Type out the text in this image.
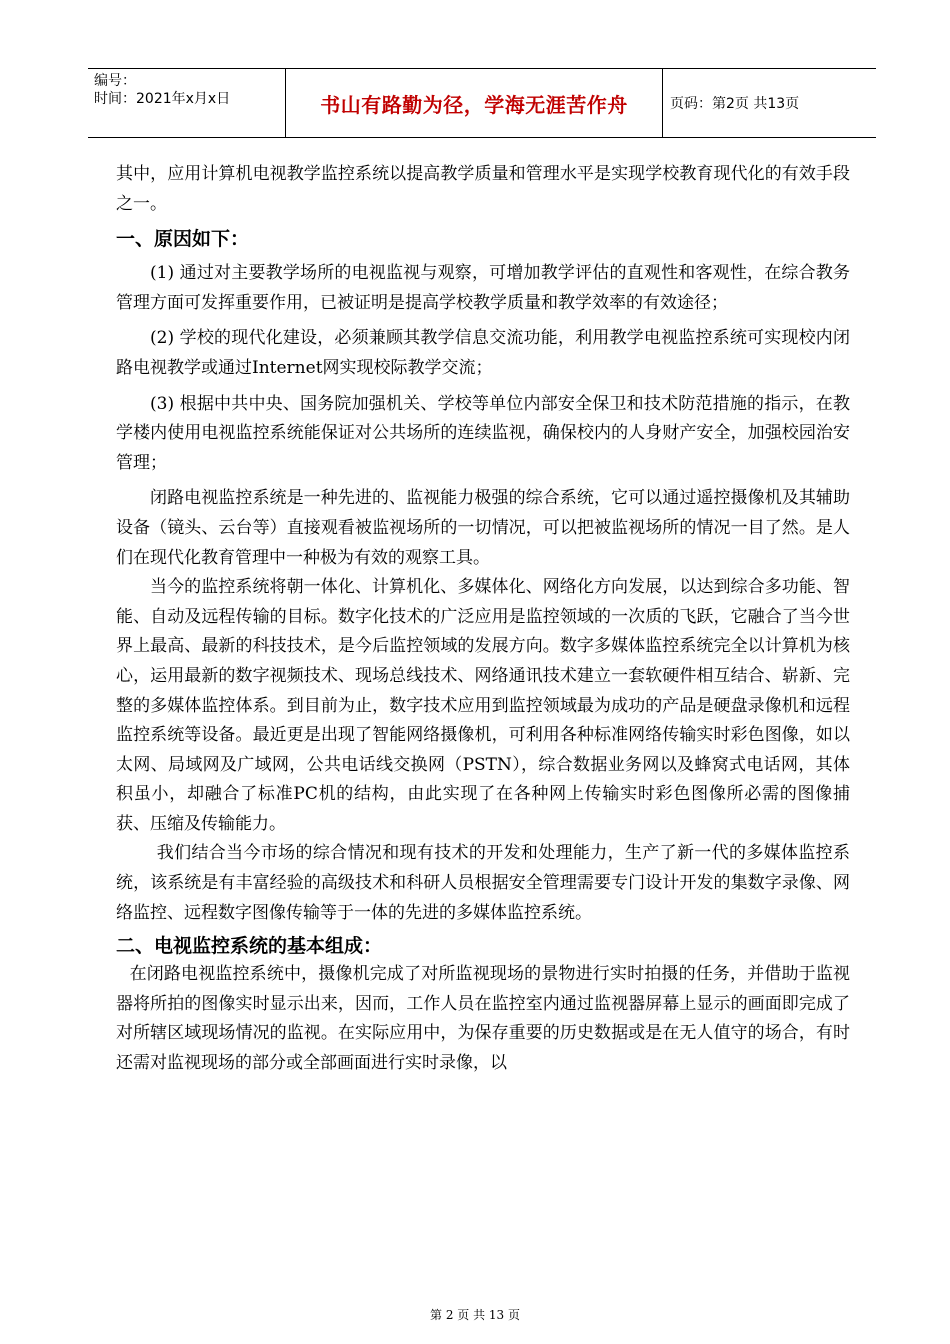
编号：
时间：2021年x月x日	书山有路勤为径，学海无涯苦作舟	页码：第2页 共13页

其中，应用计算机电视教学监控系统以提高教学质量和管理水平是实现学校教育现代化的有效手段之一。

一、原因如下：

(1) 通过对主要教学场所的电视监视与观察，可增加教学评估的直观性和客观性，在综合教务管理方面可发挥重要作用，已被证明是提高学校教学质量和教学效率的有效途径；

(2) 学校的现代化建设，必须兼顾其教学信息交流功能，利用教学电视监控系统可实现校内闭路电视教学或通过Internet网实现校际教学交流；

(3) 根据中共中央、国务院加强机关、学校等单位内部安全保卫和技术防范措施的指示，在教学楼内使用电视监控系统能保证对公共场所的连续监视，确保校内的人身财产安全，加强校园治安管理；

闭路电视监控系统是一种先进的、监视能力极强的综合系统，它可以通过遥控摄像机及其辅助设备（镜头、云台等）直接观看被监视场所的一切情况，可以把被监视场所的情况一目了然。是人们在现代化教育管理中一种极为有效的观察工具。

当今的监控系统将朝一体化、计算机化、多媒体化、网络化方向发展，以达到综合多功能、智能、自动及远程传输的目标。数字化技术的广泛应用是监控领域的一次质的飞跃，它融合了当今世界上最高、最新的科技技术，是今后监控领域的发展方向。数字多媒体监控系统完全以计算机为核心，运用最新的数字视频技术、现场总线技术、网络通讯技术建立一套软硬件相互结合、崭新、完整的多媒体监控体系。到目前为止，数字技术应用到监控领域最为成功的产品是硬盘录像机和远程监控系统等设备。最近更是出现了智能网络摄像机，可利用各种标准网络传输实时彩色图像，如以太网、局域网及广域网，公共电话线交换网（PSTN），综合数据业务网以及蜂窝式电话网，其体积虽小，却融合了标准PC机的结构，由此实现了在各种网上传输实时彩色图像所必需的图像捕获、压缩及传输能力。

我们结合当今市场的综合情况和现有技术的开发和处理能力，生产了新一代的多媒体监控系统，该系统是有丰富经验的高级技术和科研人员根据安全管理需要专门设计开发的集数字录像、网络监控、远程数字图像传输等于一体的先进的多媒体监控系统。

二、电视监控系统的基本组成：

在闭路电视监控系统中，摄像机完成了对所监视现场的景物进行实时拍摄的任务，并借助于监视器将所拍的图像实时显示出来，因而，工作人员在监控室内通过监视器屏幕上显示的画面即完成了对所辖区域现场情况的监视。在实际应用中，为保存重要的历史数据或是在无人值守的场合，有时还需对监视现场的部分或全部画面进行实时录像，以

第 2 页 共 13 页
